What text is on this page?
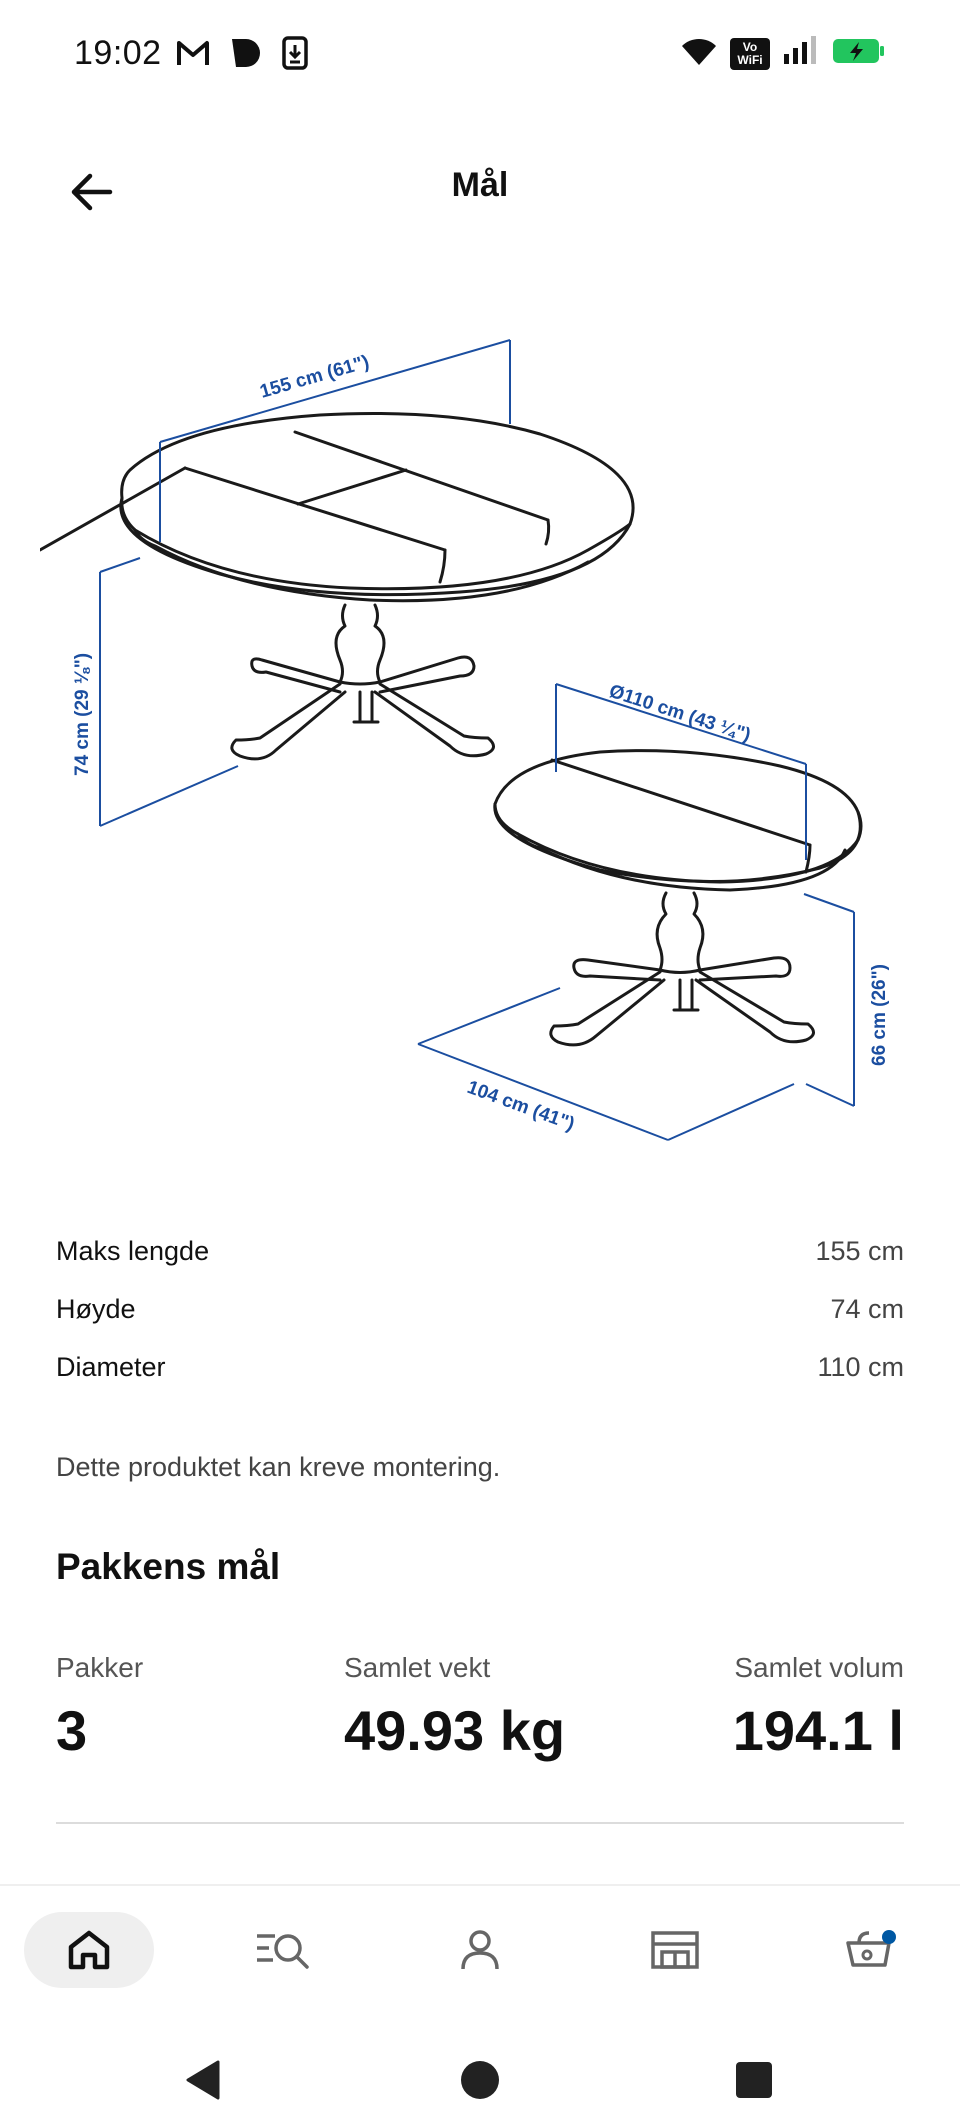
19:02	Vo
WiFi
Mål
155 cm (61")
74 cm (29 ⅛")	Ø110 cm (43 ¼")
66 cm (26")
104 cm (41")
Maks lengde	155 cm
Høyde	74 cm
Diameter	110 cm
Dette produktet kan kreve montering.
Pakkens mål
Pakker
3
Samlet vekt
49.93 kg
Samlet volum
194.1 l
